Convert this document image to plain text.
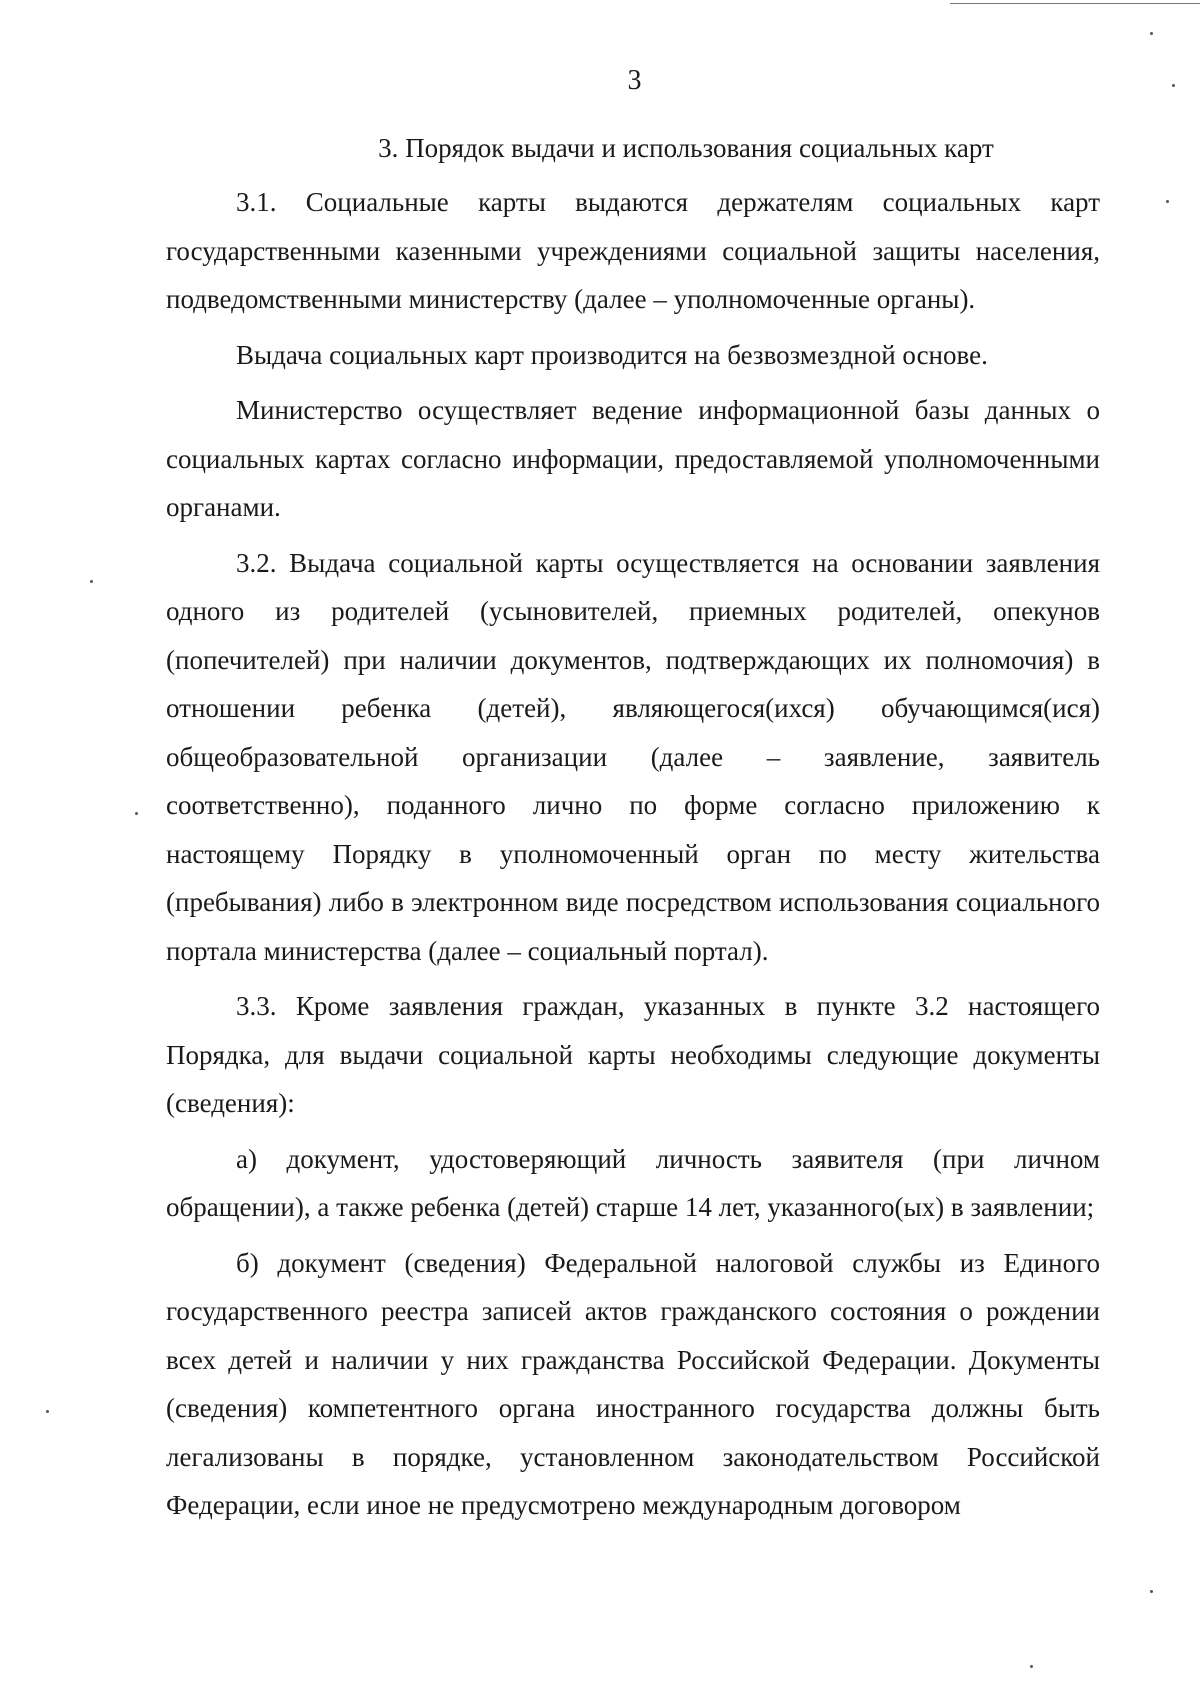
3
3. Порядок выдачи и использования социальных карт

3.1. Социальные карты выдаются держателям социальных карт государственными казенными учреждениями социальной защиты населения, подведомственными министерству (далее – уполномоченные органы).

Выдача социальных карт производится на безвозмездной основе.

Министерство осуществляет ведение информационной базы данных о социальных картах согласно информации, предоставляемой уполномоченными органами.

3.2. Выдача социальной карты осуществляется на основании заявления одного из родителей (усыновителей, приемных родителей, опекунов (попечителей) при наличии документов, подтверждающих их полномочия) в отношении ребенка (детей), являющегося(ихся) обучающимся(ися) общеобразовательной организации (далее – заявление, заявитель соответственно), поданного лично по форме согласно приложению к настоящему Порядку в уполномоченный орган по месту жительства (пребывания) либо в электронном виде посредством использования социального портала министерства (далее – социальный портал).

3.3. Кроме заявления граждан, указанных в пункте 3.2 настоящего Порядка, для выдачи социальной карты необходимы следующие документы (сведения):

а) документ, удостоверяющий личность заявителя (при личном обращении), а также ребенка (детей) старше 14 лет, указанного(ых) в заявлении;

б) документ (сведения) Федеральной налоговой службы из Единого государственного реестра записей актов гражданского состояния о рождении всех детей и наличии у них гражданства Российской Федерации. Документы (сведения) компетентного органа иностранного государства должны быть легализованы в порядке, установленном законодательством Российской Федерации, если иное не предусмотрено международным договором
